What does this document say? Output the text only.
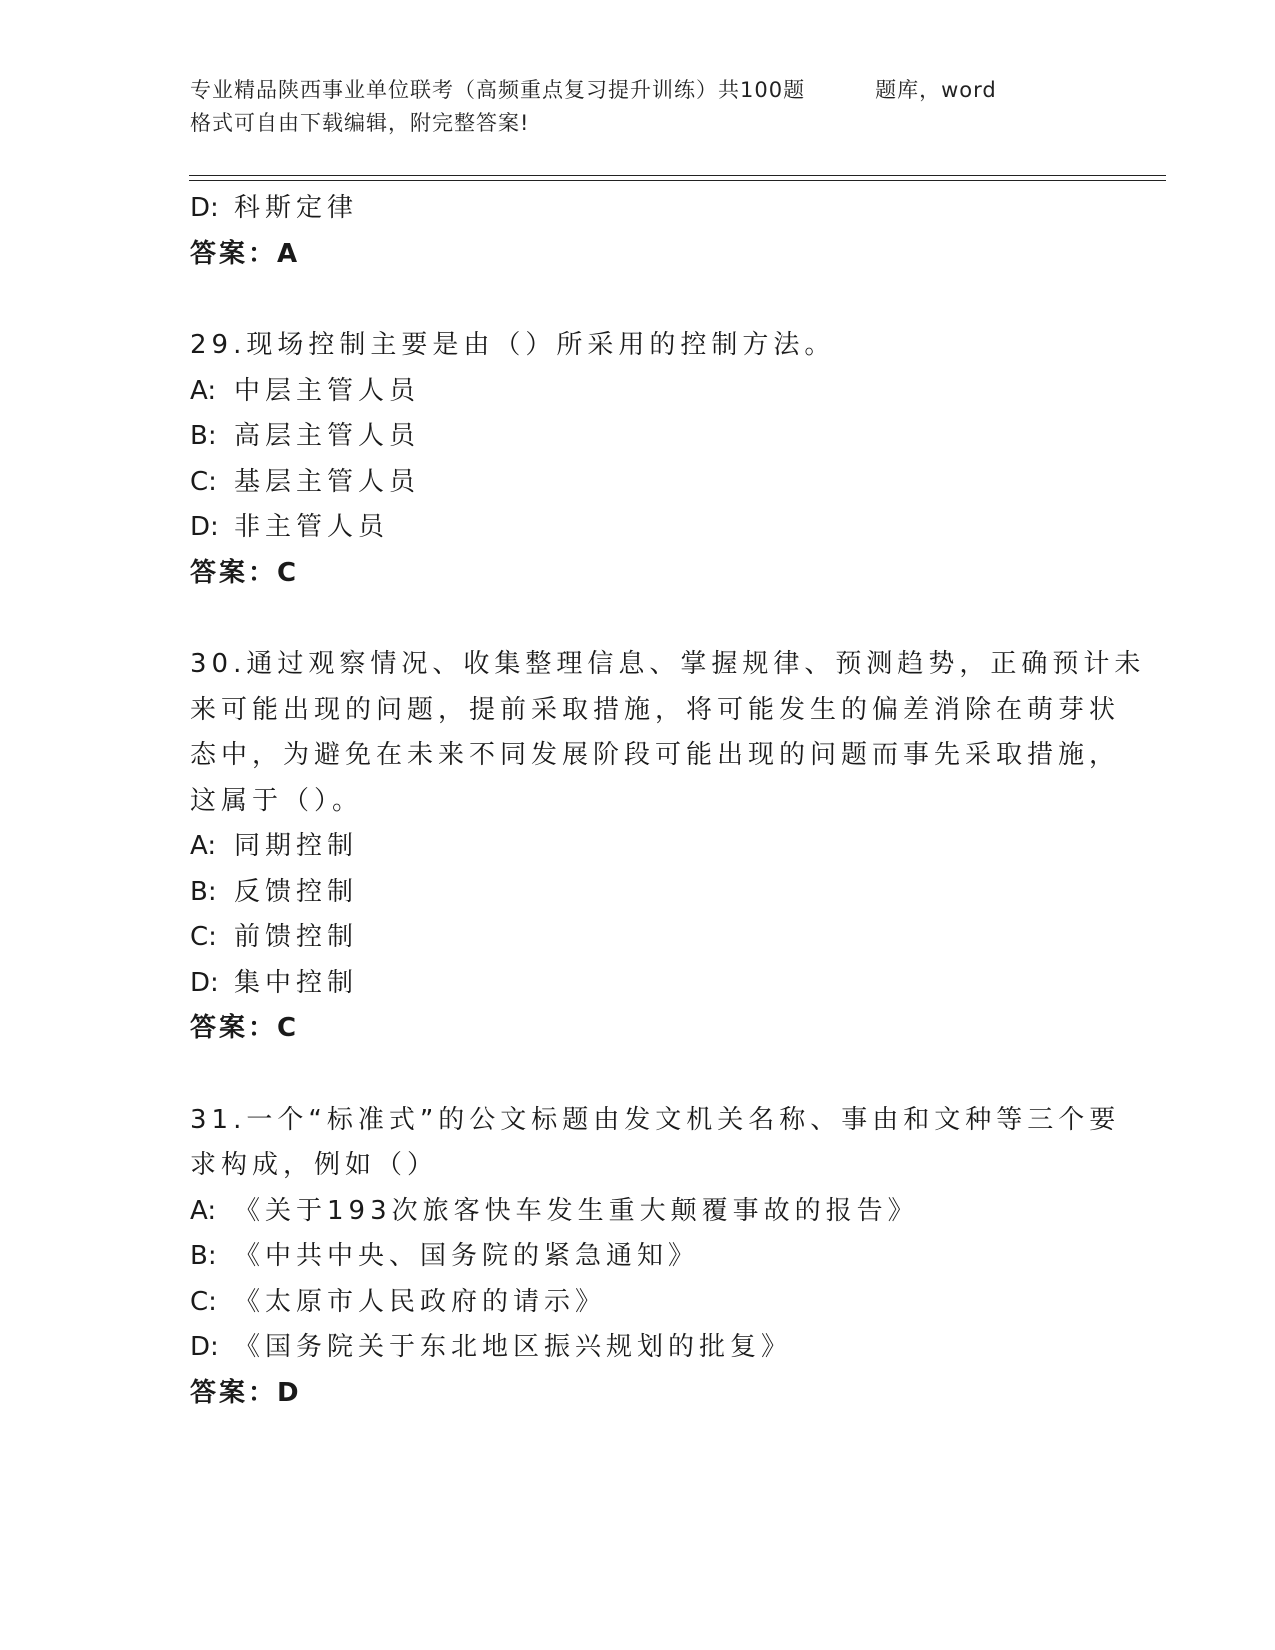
专业精品陕西事业单位联考（高频重点复习提升训练）共100题	题库，word
格式可自由下载编辑，附完整答案!
D: 科斯定律
答案：A
29.现场控制主要是由（）所采用的控制方法。
A: 中层主管人员
B: 高层主管人员
C: 基层主管人员
D: 非主管人员
答案：C
30.通过观察情况、收集整理信息、掌握规律、预测趋势，正确预计未
来可能出现的问题，提前采取措施，将可能发生的偏差消除在萌芽状
态中，为避免在未来不同发展阶段可能出现的问题而事先采取措施，
这属于（）。
A: 同期控制
B: 反馈控制
C: 前馈控制
D: 集中控制
答案：C
31.一个“标准式”的公文标题由发文机关名称、事由和文种等三个要
求构成，例如（）
A: 《关于193次旅客快车发生重大颠覆事故的报告》
B: 《中共中央、国务院的紧急通知》
C: 《太原市人民政府的请示》
D: 《国务院关于东北地区振兴规划的批复》
答案：D
